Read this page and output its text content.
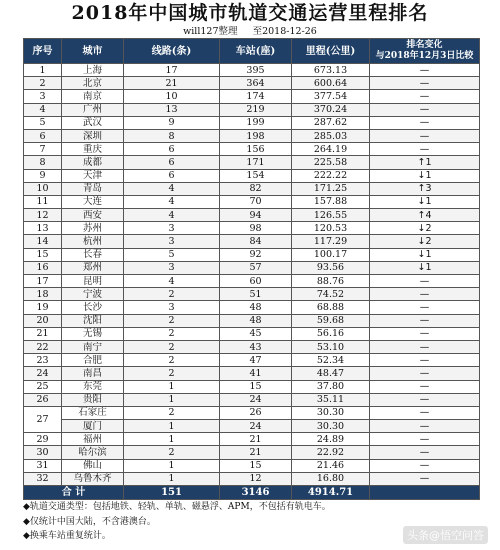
2018年中国城市轨道交通运营里程排名
will127整理 至2018-12-26
序号	城市	线路(条)	车站(座)	里程(公里)	排名变化
与2018年12月3日比较

1	上海	17	395	673.13	—
2	北京	21	364	600.64	—
3	南京	10	174	377.54	—
4	广州	13	219	370.24	—
5	武汉	9	199	287.62	—
6	深圳	8	198	285.03	—
7	重庆	6	156	264.19	—
8	成都	6	171	225.58	↑1
9	天津	6	154	222.22	↓1
10	青岛	4	82	171.25	↑3
11	大连	4	70	157.88	↓1
12	西安	4	94	126.55	↑4
13	苏州	3	98	120.53	↓2
14	杭州	3	84	117.29	↓2
15	长春	5	92	100.17	↓1
16	郑州	3	57	93.56	↓1
17	昆明	4	60	88.76	—
18	宁波	2	51	74.52	—
19	长沙	3	48	68.88	—
20	沈阳	2	48	59.68	—
21	无锡	2	45	56.16	—
22	南宁	2	43	53.10	—
23	合肥	2	47	52.34	—
24	南昌	2	41	48.47	—
25	东莞	1	15	37.80	—
26	贵阳	1	24	35.11	—
27	石家庄	2	26	30.30	—
	厦门	1	24	30.30	—
29	福州	1	21	24.89	—
30	哈尔滨	2	21	22.92	—
31	佛山	1	15	21.46	—
32	乌鲁木齐	1	12	16.80	—
合 计		151	3146	4914.71	
◆轨道交通类型：包括地铁、轻轨、单轨、磁悬浮、APM，不包括有轨电车。
◆仅统计中国大陆，不含港澳台。
◆换乘车站重复统计。	头条@悟空问答
